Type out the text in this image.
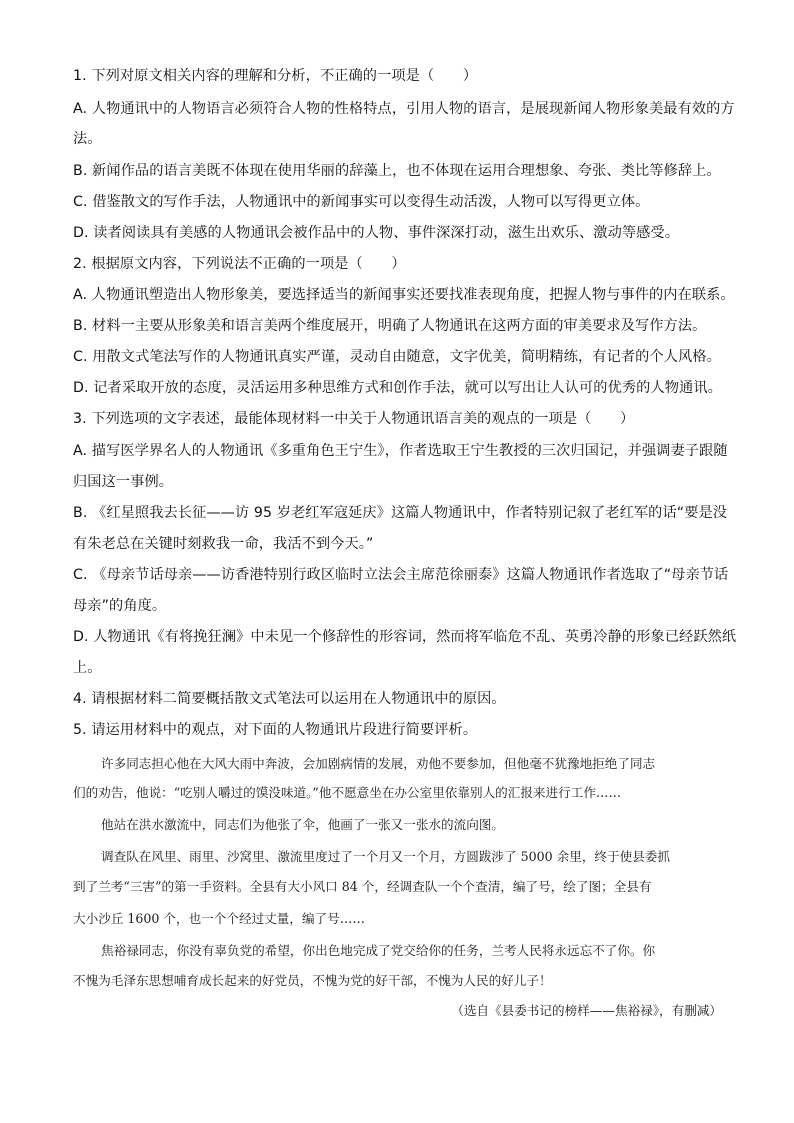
1. 下列对原文相关内容的理解和分析，不正确的一项是（　　）
A. 人物通讯中的人物语言必须符合人物的性格特点，引用人物的语言，是展现新闻人物形象美最有效的方
法。
B. 新闻作品的语言美既不体现在使用华丽的辞藻上，也不体现在运用合理想象、夸张、类比等修辞上。
C. 借鉴散文的写作手法，人物通讯中的新闻事实可以变得生动活泼，人物可以写得更立体。
D. 读者阅读具有美感的人物通讯会被作品中的人物、事件深深打动，滋生出欢乐、激动等感受。
2. 根据原文内容，下列说法不正确的一项是（　　）
A. 人物通讯塑造出人物形象美，要选择适当的新闻事实还要找准表现角度，把握人物与事件的内在联系。
B. 材料一主要从形象美和语言美两个维度展开，明确了人物通讯在这两方面的审美要求及写作方法。
C. 用散文式笔法写作的人物通讯真实严谨，灵动自由随意，文字优美，简明精练，有记者的个人风格。
D. 记者采取开放的态度，灵活运用多种思维方式和创作手法，就可以写出让人认可的优秀的人物通讯。
3. 下列选项的文字表述，最能体现材料一中关于人物通讯语言美的观点的一项是（　　）
A. 描写医学界名人的人物通讯《多重角色王宁生》，作者选取王宁生教授的三次归国记，并强调妻子跟随
归国这一事例。
B. 《红星照我去长征——访 95 岁老红军寇延庆》这篇人物通讯中，作者特别记叙了老红军的话“要是没
有朱老总在关键时刻救我一命，我活不到今天。”
C. 《母亲节话母亲——访香港特别行政区临时立法会主席范徐丽泰》这篇人物通讯作者选取了“母亲节话
母亲”的角度。
D. 人物通讯《有将挽狂澜》中未见一个修辞性的形容词，然而将军临危不乱、英勇冷静的形象已经跃然纸
上。
4. 请根据材料二简要概括散文式笔法可以运用在人物通讯中的原因。
5. 请运用材料中的观点，对下面的人物通讯片段进行简要评析。
许多同志担心他在大风大雨中奔波，会加剧病情的发展，劝他不要参加，但他毫不犹豫地拒绝了同志
们的劝告，他说：“吃别人嚼过的馍没味道。”他不愿意坐在办公室里依靠别人的汇报来进行工作……
他站在洪水激流中，同志们为他张了伞，他画了一张又一张水的流向图。
调查队在风里、雨里、沙窝里、激流里度过了一个月又一个月，方圆跋涉了 5000 余里，终于使县委抓
到了兰考“三害”的第一手资料。全县有大小风口 84 个，经调查队一个个查清，编了号，绘了图；全县有
大小沙丘 1600 个，也一个个经过丈量，编了号……
焦裕禄同志，你没有辜负党的希望，你出色地完成了党交给你的任务，兰考人民将永远忘不了你。你
不愧为毛泽东思想哺育成长起来的好党员，不愧为党的好干部，不愧为人民的好儿子！
（选自《县委书记的榜样——焦裕禄》，有删减）
